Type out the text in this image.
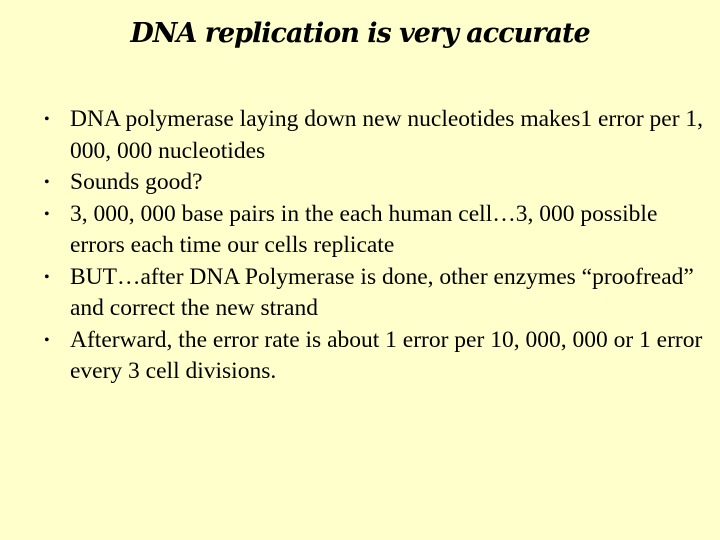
DNA replication is very accurate
• DNA polymerase laying down new nucleotides makes1 error per 1, 000, 000 nucleotides
• Sounds good?
• 3, 000, 000 base pairs in the each human cell…3, 000 possible errors each time our cells replicate
• BUT…after DNA Polymerase is done, other enzymes “proofread” and correct the new strand
• Afterward, the error rate is about 1 error per 10, 000, 000 or 1 error every 3 cell divisions.
